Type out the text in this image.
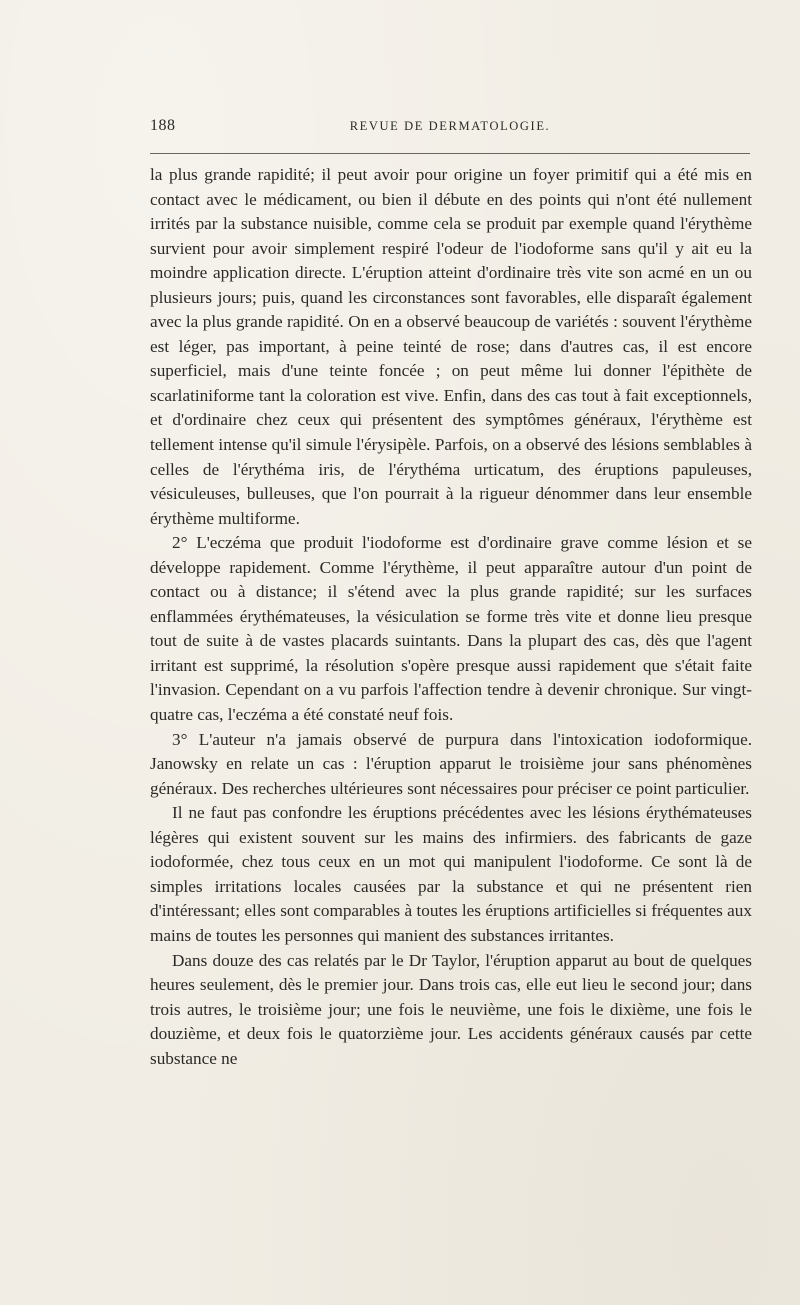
188	REVUE DE DERMATOLOGIE.

la plus grande rapidité; il peut avoir pour origine un foyer primitif qui a été mis en contact avec le médicament, ou bien il débute en des points qui n'ont été nullement irrités par la substance nuisible, comme cela se produit par exemple quand l'érythème survient pour avoir simplement respiré l'odeur de l'iodoforme sans qu'il y ait eu la moindre application directe. L'éruption atteint d'ordinaire très vite son acmé en un ou plusieurs jours; puis, quand les circonstances sont favorables, elle disparaît également avec la plus grande rapidité. On en a observé beaucoup de variétés : souvent l'érythème est léger, pas important, à peine teinté de rose; dans d'autres cas, il est encore superficiel, mais d'une teinte foncée ; on peut même lui donner l'épithète de scarlatiniforme tant la coloration est vive. Enfin, dans des cas tout à fait exceptionnels, et d'ordinaire chez ceux qui présentent des symptômes généraux, l'érythème est tellement intense qu'il simule l'érysipèle. Parfois, on a observé des lésions semblables à celles de l'érythéma iris, de l'érythéma urticatum, des éruptions papuleuses, vésiculeuses, bulleuses, que l'on pourrait à la rigueur dénommer dans leur ensemble érythème multiforme.

2° L'eczéma que produit l'iodoforme est d'ordinaire grave comme lésion et se développe rapidement. Comme l'érythème, il peut apparaître autour d'un point de contact ou à distance; il s'étend avec la plus grande rapidité; sur les surfaces enflammées érythémateuses, la vésiculation se forme très vite et donne lieu presque tout de suite à de vastes placards suintants. Dans la plupart des cas, dès que l'agent irritant est supprimé, la résolution s'opère presque aussi rapidement que s'était faite l'invasion. Cependant on a vu parfois l'affection tendre à devenir chronique. Sur vingt-quatre cas, l'eczéma a été constaté neuf fois.

3° L'auteur n'a jamais observé de purpura dans l'intoxication iodoformique. Janowsky en relate un cas : l'éruption apparut le troisième jour sans phénomènes généraux. Des recherches ultérieures sont nécessaires pour préciser ce point particulier.

Il ne faut pas confondre les éruptions précédentes avec les lésions érythémateuses légères qui existent souvent sur les mains des infirmiers. des fabricants de gaze iodoformée, chez tous ceux en un mot qui manipulent l'iodoforme. Ce sont là de simples irritations locales causées par la substance et qui ne présentent rien d'intéressant; elles sont comparables à toutes les éruptions artificielles si fréquentes aux mains de toutes les personnes qui manient des substances irritantes.

Dans douze des cas relatés par le Dr Taylor, l'éruption apparut au bout de quelques heures seulement, dès le premier jour. Dans trois cas, elle eut lieu le second jour; dans trois autres, le troisième jour; une fois le neuvième, une fois le dixième, une fois le douzième, et deux fois le quatorzième jour. Les accidents généraux causés par cette substance ne
